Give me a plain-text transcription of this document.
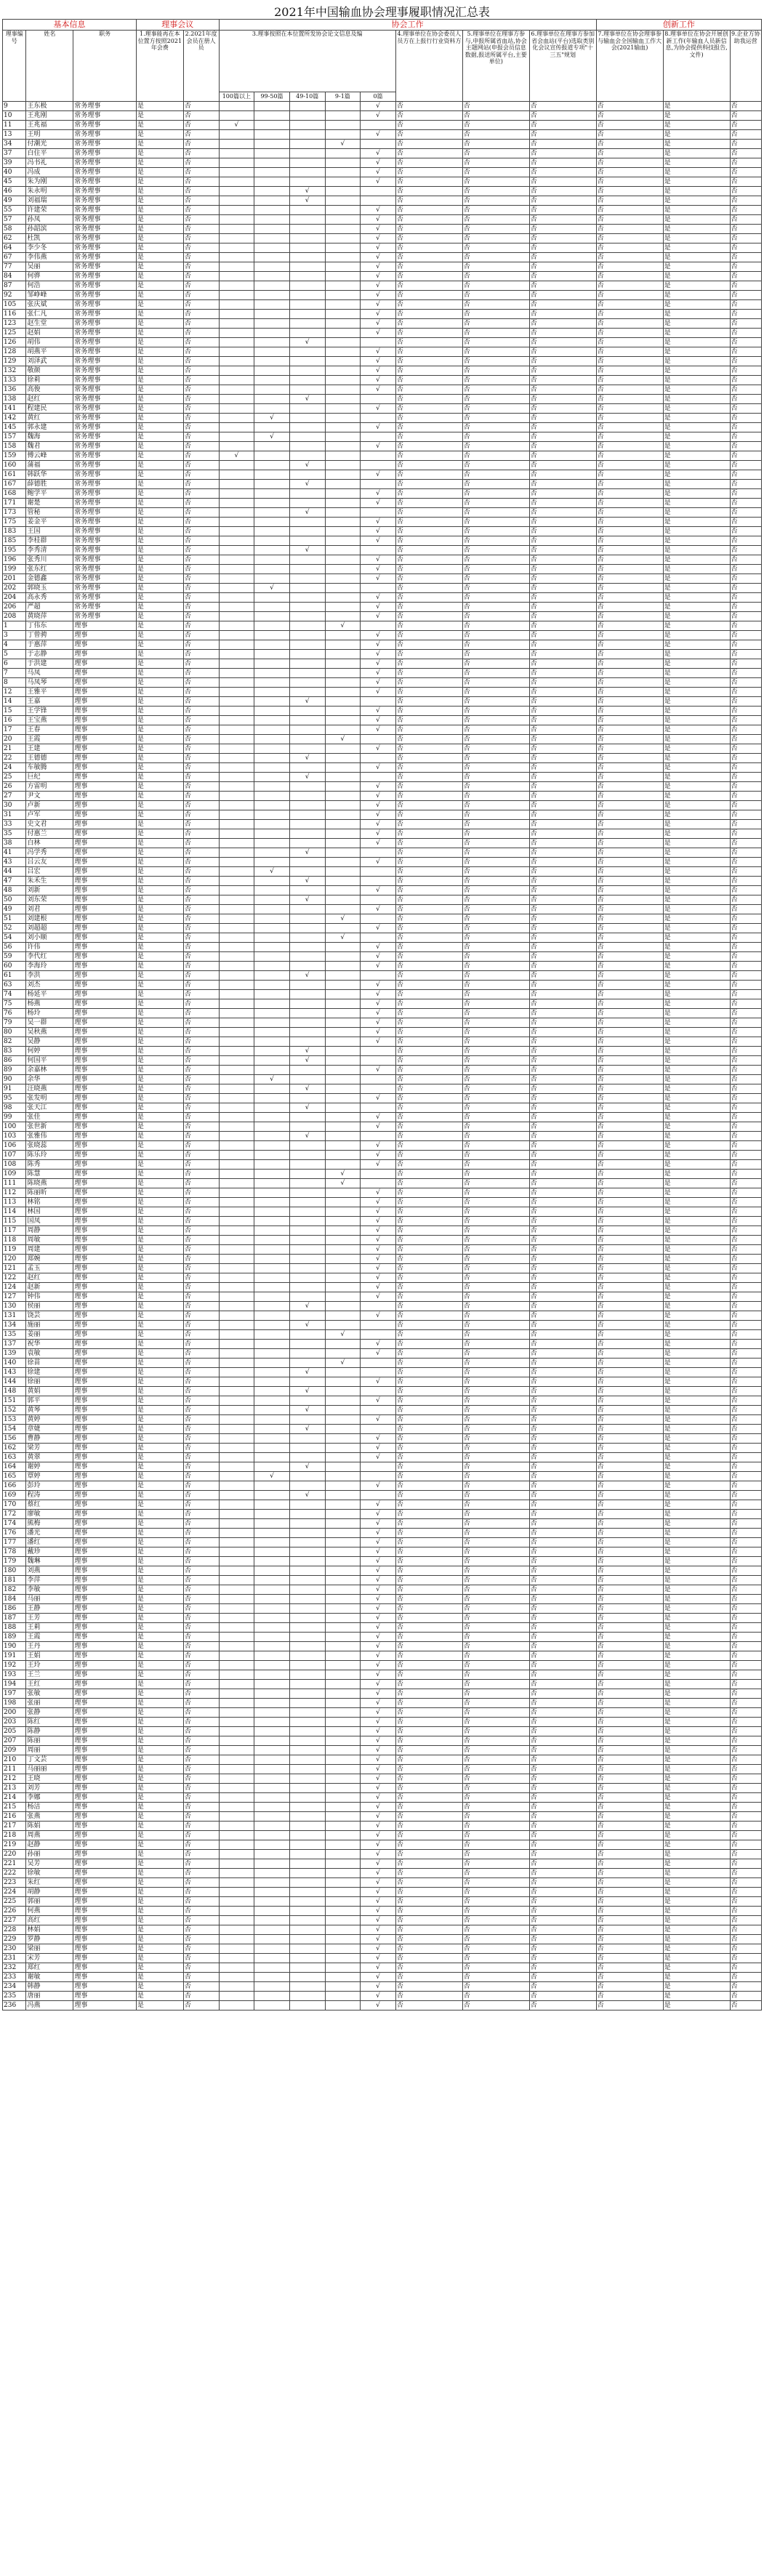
2021年中国输血协会理事履职情况汇总表
基本信息			理事会议		协会工作								创新工作		
理事编号	姓名	职务	1.理事能再在本位置方按照2021年会费	2.2021年度会员在册人员	3.理事按照在本位置所发协会论文信息及编					4.理事单位在协会委员人员方在上报行行业资料方	5.理事单位在理事方参与,申报所属省血站,协会主题网站(申报会员信息数据,报送所属平台,主要单位)	6.理事单位在理事方参加省会血站(平台)选取类别化会议宣传报道专项"十三五"规划	7.理事单位在协会理事参与输血会全国输血工作大会(2021输血)	8.理事单位在协会开展创新工作(年输血人员新信息,为协会提供科技报告,文件)	9.企业方协助我运营
					100篇以上	99-50篇	49-10篇	9-1篇	0篇						
9	王东极	常务理事	是	否					√	否	否	否	否	是	否
10	王兆刚	常务理事	是	否					√	否	否	否	否	是	否
11	王兆福	常务理事	是	否	√					否	否	否	否	是	否
13	王明	常务理事	是	否					√	否	否	否	否	是	否
34	付潮光	常务理事	是	否				√		否	否	否	否	是	否
37	白住平	常务理事	是	否					√	否	否	否	否	是	否
39	冯书礼	常务理事	是	否					√	否	否	否	否	是	否
40	冯成	常务理事	是	否					√	否	否	否	否	是	否
45	朱为刚	常务理事	是	否					√	否	否	否	否	是	否
46	朱永明	常务理事	是	否			√			否	否	否	否	是	否
49	刘福瑞	常务理事	是	否			√			否	否	否	否	是	否
55	许建荣	常务理事	是	否					√	否	否	否	否	是	否
57	孙凤	常务理事	是	否					√	否	否	否	否	是	否
58	孙韶滨	常务理事	是	否					√	否	否	否	否	是	否
62	杜凯	常务理事	是	否					√	否	否	否	否	是	否
64	李少冬	常务理事	是	否					√	否	否	否	否	是	否
67	李伟燕	常务理事	是	否					√	否	否	否	否	是	否
77	吴丽	常务理事	是	否					√	否	否	否	否	是	否
84	何骅	常务理事	是	否					√	否	否	否	否	是	否
87	何浩	常务理事	是	否					√	否	否	否	否	是	否
92	邹峥峰	常务理事	是	否					√	否	否	否	否	是	否
105	张庆斌	常务理事	是	否					√	否	否	否	否	是	否
116	张仁凡	常务理事	是	否					√	否	否	否	否	是	否
123	赵生堂	常务理事	是	否					√	否	否	否	否	是	否
125	赵娟	常务理事	是	否					√	否	否	否	否	是	否
126	胡伟	常务理事	是	否			√			否	否	否	否	是	否
128	胡燕平	常务理事	是	否					√	否	否	否	否	是	否
129	刘泽武	常务理事	是	否					√	否	否	否	否	是	否
132	敬颜	常务理事	是	否					√	否	否	否	否	是	否
133	徐莉	常务理事	是	否					√	否	否	否	否	是	否
136	高俊	常务理事	是	否					√	否	否	否	否	是	否
138	赵红	常务理事	是	否			√			否	否	否	否	是	否
141	程建民	常务理事	是	否					√	否	否	否	否	是	否
142	黄红	常务理事	是	否		√				否	否	否	否	是	否
145	郭永建	常务理事	是	否					√	否	否	否	否	是	否
157	魏海	常务理事	是	否		√				否	否	否	否	是	否
158	魏君	常务理事	是	否					√	否	否	否	否	是	否
159	傅云峰	常务理事	是	否	√					否	否	否	否	是	否
160	蒲福	常务理事	是	否			√			否	否	否	否	是	否
161	韩跃华	常务理事	是	否					√	否	否	否	否	是	否
167	薛德胜	常务理事	是	否			√			否	否	否	否	是	否
168	鲍学平	常务理事	是	否					√	否	否	否	否	是	否
171	谢楚	常务理事	是	否					√	否	否	否	否	是	否
173	管秘	常务理事	是	否			√			否	否	否	否	是	否
175	姜金平	常务理事	是	否					√	否	否	否	否	是	否
183	王国	常务理事	是	否					√	否	否	否	否	是	否
185	李桂群	常务理事	是	否					√	否	否	否	否	是	否
195	李秀清	常务理事	是	否			√			否	否	否	否	是	否
196	张秀川	常务理事	是	否					√	否	否	否	否	是	否
199	张东红	常务理事	是	否					√	否	否	否	否	是	否
201	金德鑫	常务理事	是	否					√	否	否	否	否	是	否
202	郭晓玉	常务理事	是	否		√				否	否	否	否	是	否
204	高永秀	常务理事	是	否					√	否	否	否	否	是	否
206	严超	常务理事	是	否					√	否	否	否	否	是	否
208	黄晓萍	常务理事	是	否					√	否	否	否	否	是	否
1	丁伟东	理事	是	否				√		否	否	否	否	是	否
3	丁曾骋	理事	是	否					√	否	否	否	否	是	否
4	于惠萍	理事	是	否					√	否	否	否	否	是	否
5	于志静	理事	是	否					√	否	否	否	否	是	否
6	于洪建	理事	是	否					√	否	否	否	否	是	否
7	马凤	理事	是	否					√	否	否	否	否	是	否
8	马凤琴	理事	是	否					√	否	否	否	否	是	否
12	王雅平	理事	是	否					√	否	否	否	否	是	否
14	王嘉	理事	是	否			√			否	否	否	否	是	否
15	王学锋	理事	是	否					√	否	否	否	否	是	否
16	王宝燕	理事	是	否					√	否	否	否	否	是	否
17	王春	理事	是	否					√	否	否	否	否	是	否
20	王霞	理事	是	否				√		否	否	否	否	是	否
21	王建	理事	是	否					√	否	否	否	否	是	否
22	王德德	理事	是	否			√			否	否	否	否	是	否
24	车敏腾	理事	是	否					√	否	否	否	否	是	否
25	巨纪	理事	是	否			√			否	否	否	否	是	否
26	方雷明	理事	是	否					√	否	否	否	否	是	否
27	尹文	理事	是	否					√	否	否	否	否	是	否
30	卢新	理事	是	否					√	否	否	否	否	是	否
31	卢军	理事	是	否					√	否	否	否	否	是	否
33	史文君	理事	是	否					√	否	否	否	否	是	否
35	付惠兰	理事	是	否					√	否	否	否	否	是	否
38	白林	理事	是	否					√	否	否	否	否	是	否
41	冯学秀	理事	是	否			√			否	否	否	否	是	否
43	吕云友	理事	是	否					√	否	否	否	否	是	否
44	吕宏	理事	是	否		√				否	否	否	否	是	否
47	朱禾生	理事	是	否			√			否	否	否	否	是	否
48	刘新	理事	是	否					√	否	否	否	否	是	否
50	刘东荣	理事	是	否			√			否	否	否	否	是	否
49	刘君	理事	是	否					√	否	否	否	否	是	否
51	刘建根	理事	是	否				√		否	否	否	否	是	否
52	刘超超	理事	是	否					√	否	否	否	否	是	否
54	刘小顺	理事	是	否				√		否	否	否	否	是	否
56	许伟	理事	是	否					√	否	否	否	否	是	否
59	李代红	理事	是	否					√	否	否	否	否	是	否
60	李海玲	理事	是	否					√	否	否	否	否	是	否
61	李洪	理事	是	否			√			否	否	否	否	是	否
63	刘杰	理事	是	否					√	否	否	否	否	是	否
74	杨延平	理事	是	否					√	否	否	否	否	是	否
75	杨燕	理事	是	否					√	否	否	否	否	是	否
76	杨玲	理事	是	否					√	否	否	否	否	是	否
79	吴一群	理事	是	否					√	否	否	否	否	是	否
80	吴秋燕	理事	是	否					√	否	否	否	否	是	否
82	吴静	理事	是	否					√	否	否	否	否	是	否
83	何婷	理事	是	否			√			否	否	否	否	是	否
86	何国平	理事	是	否			√			否	否	否	否	是	否
89	余嘉林	理事	是	否					√	否	否	否	否	是	否
90	余华	理事	是	否		√				否	否	否	否	是	否
91	汪晓燕	理事	是	否			√			否	否	否	否	是	否
95	张发明	理事	是	否					√	否	否	否	否	是	否
98	张天江	理事	是	否			√			否	否	否	否	是	否
99	张佳	理事	是	否					√	否	否	否	否	是	否
100	张世新	理事	是	否					√	否	否	否	否	是	否
103	张雅伟	理事	是	否			√			否	否	否	否	是	否
106	张晓蕊	理事	是	否					√	否	否	否	否	是	否
107	陈乐玲	理事	是	否					√	否	否	否	否	是	否
108	陈秀	理事	是	否					√	否	否	否	否	是	否
109	陈慧	理事	是	否				√		否	否	否	否	是	否
111	陈晓燕	理事	是	否				√		否	否	否	否	是	否
112	陈丽昕	理事	是	否					√	否	否	否	否	是	否
113	林铭	理事	是	否					√	否	否	否	否	是	否
114	林国	理事	是	否					√	否	否	否	否	是	否
115	国凤	理事	是	否					√	否	否	否	否	是	否
117	周静	理事	是	否					√	否	否	否	否	是	否
118	周敏	理事	是	否					√	否	否	否	否	是	否
119	周建	理事	是	否					√	否	否	否	否	是	否
120	郑婉	理事	是	否					√	否	否	否	否	是	否
121	孟玉	理事	是	否					√	否	否	否	否	是	否
122	赵红	理事	是	否					√	否	否	否	否	是	否
124	赵新	理事	是	否					√	否	否	否	否	是	否
127	钟伟	理事	是	否					√	否	否	否	否	是	否
130	侯丽	理事	是	否			√			否	否	否	否	是	否
131	饶芸	理事	是	否					√	否	否	否	否	是	否
134	施丽	理事	是	否			√			否	否	否	否	是	否
135	姜丽	理事	是	否				√		否	否	否	否	是	否
137	祝华	理事	是	否					√	否	否	否	否	是	否
139	袁敏	理事	是	否					√	否	否	否	否	是	否
140	徐苗	理事	是	否				√		否	否	否	否	是	否
143	徐建	理事	是	否			√			否	否	否	否	是	否
144	徐丽	理事	是	否					√	否	否	否	否	是	否
148	黄娟	理事	是	否			√			否	否	否	否	是	否
151	郭平	理事	是	否					√	否	否	否	否	是	否
152	黄琴	理事	是	否			√			否	否	否	否	是	否
153	黄婷	理事	是	否					√	否	否	否	否	是	否
154	章婕	理事	是	否			√			否	否	否	否	是	否
156	曹静	理事	是	否					√	否	否	否	否	是	否
162	梁芳	理事	是	否					√	否	否	否	否	是	否
163	黄翠	理事	是	否					√	否	否	否	否	是	否
164	谢婷	理事	是	否			√			否	否	否	否	是	否
165	覃婷	理事	是	否		√				否	否	否	否	是	否
166	彭玲	理事	是	否					√	否	否	否	否	是	否
169	程涛	理事	是	否			√			否	否	否	否	是	否
170	蔡红	理事	是	否					√	否	否	否	否	是	否
172	廖敏	理事	是	否					√	否	否	否	否	是	否
174	熊梅	理事	是	否					√	否	否	否	否	是	否
176	潘光	理事	是	否					√	否	否	否	否	是	否
177	潘红	理事	是	否					√	否	否	否	否	是	否
178	戴珍	理事	是	否					√	否	否	否	否	是	否
179	魏琳	理事	是	否					√	否	否	否	否	是	否
180	刘燕	理事	是	否					√	否	否	否	否	是	否
181	李萍	理事	是	否					√	否	否	否	否	是	否
182	李敏	理事	是	否					√	否	否	否	否	是	否
184	马丽	理事	是	否					√	否	否	否	否	是	否
186	王静	理事	是	否					√	否	否	否	否	是	否
187	王芳	理事	是	否					√	否	否	否	否	是	否
188	王莉	理事	是	否					√	否	否	否	否	是	否
189	王霞	理事	是	否					√	否	否	否	否	是	否
190	王丹	理事	是	否					√	否	否	否	否	是	否
191	王娟	理事	是	否					√	否	否	否	否	是	否
192	王玲	理事	是	否					√	否	否	否	否	是	否
193	王兰	理事	是	否					√	否	否	否	否	是	否
194	王红	理事	是	否					√	否	否	否	否	是	否
197	张敏	理事	是	否					√	否	否	否	否	是	否
198	张丽	理事	是	否					√	否	否	否	否	是	否
200	张静	理事	是	否					√	否	否	否	否	是	否
203	陈红	理事	是	否					√	否	否	否	否	是	否
205	陈静	理事	是	否					√	否	否	否	否	是	否
207	陈丽	理事	是	否					√	否	否	否	否	是	否
209	周丽	理事	是	否					√	否	否	否	否	是	否
210	丁文芸	理事	是	否					√	否	否	否	否	是	否
211	马丽丽	理事	是	否					√	否	否	否	否	是	否
212	王晓	理事	是	否					√	否	否	否	否	是	否
213	刘芳	理事	是	否					√	否	否	否	否	是	否
214	李娜	理事	是	否					√	否	否	否	否	是	否
215	杨洁	理事	是	否					√	否	否	否	否	是	否
216	张燕	理事	是	否					√	否	否	否	否	是	否
217	陈娟	理事	是	否					√	否	否	否	否	是	否
218	周燕	理事	是	否					√	否	否	否	否	是	否
219	赵静	理事	是	否					√	否	否	否	否	是	否
220	孙丽	理事	是	否					√	否	否	否	否	是	否
221	吴芳	理事	是	否					√	否	否	否	否	是	否
222	徐敏	理事	是	否					√	否	否	否	否	是	否
223	朱红	理事	是	否					√	否	否	否	否	是	否
224	胡静	理事	是	否					√	否	否	否	否	是	否
225	郭丽	理事	是	否					√	否	否	否	否	是	否
226	何燕	理事	是	否					√	否	否	否	否	是	否
227	高红	理事	是	否					√	否	否	否	否	是	否
228	林娟	理事	是	否					√	否	否	否	否	是	否
229	罗静	理事	是	否					√	否	否	否	否	是	否
230	梁丽	理事	是	否					√	否	否	否	否	是	否
231	宋芳	理事	是	否					√	否	否	否	否	是	否
232	郑红	理事	是	否					√	否	否	否	否	是	否
233	谢敏	理事	是	否					√	否	否	否	否	是	否
234	韩静	理事	是	否					√	否	否	否	否	是	否
235	唐丽	理事	是	否					√	否	否	否	否	是	否
236	冯燕	理事	是	否					√	否	否	否	否	是	否
